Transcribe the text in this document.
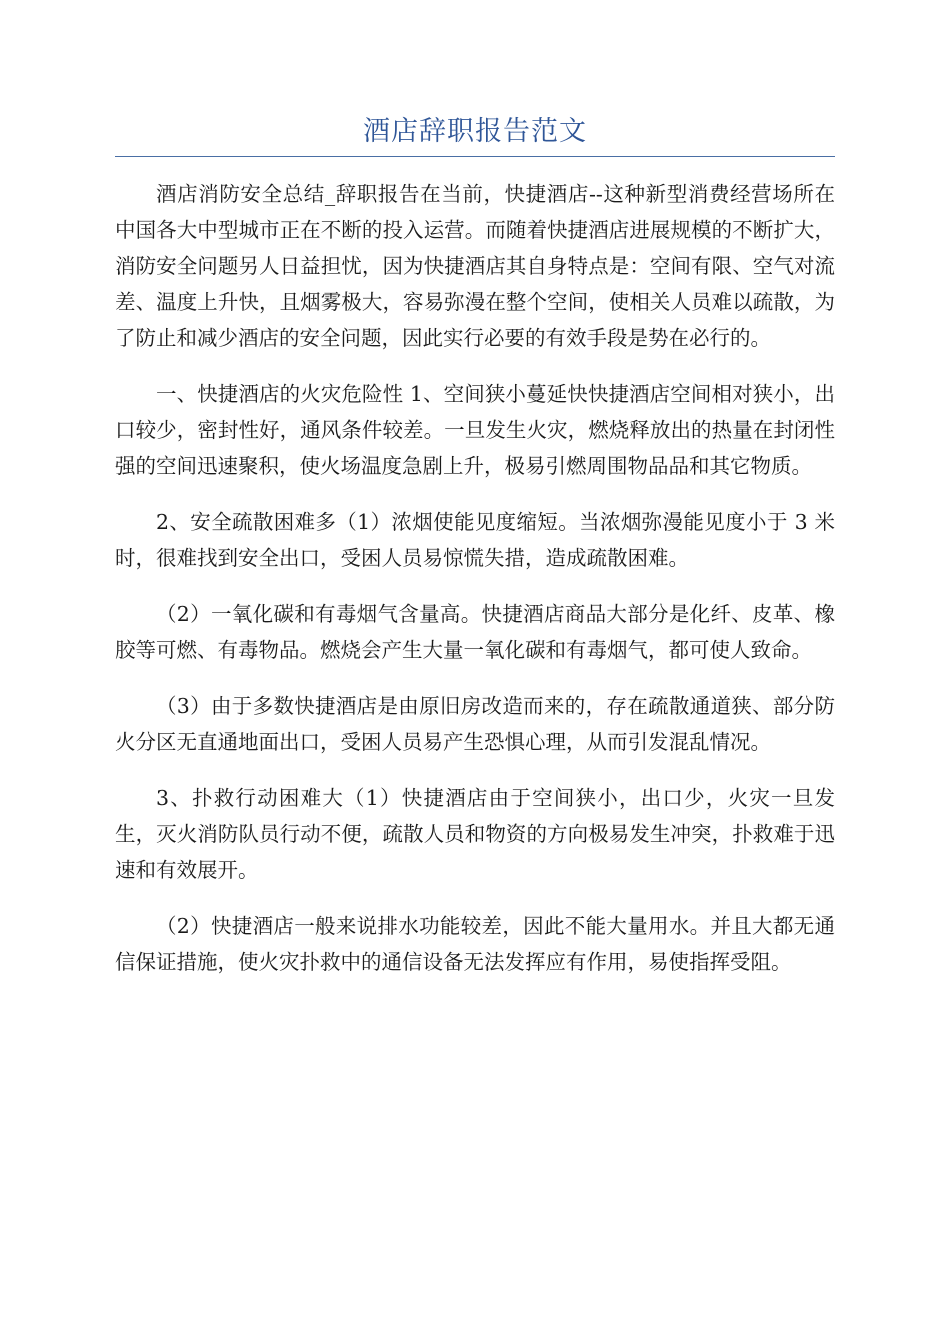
酒店辞职报告范文

酒店消防安全总结_辞职报告在当前，快捷酒店--这种新型消费经营场所在中国各大中型城市正在不断的投入运营。而随着快捷酒店进展规模的不断扩大，消防安全问题另人日益担忧，因为快捷酒店其自身特点是：空间有限、空气对流差、温度上升快，且烟雾极大，容易弥漫在整个空间，使相关人员难以疏散，为了防止和减少酒店的安全问题，因此实行必要的有效手段是势在必行的。

一、快捷酒店的火灾危险性 1、空间狭小蔓延快快捷酒店空间相对狭小，出口较少，密封性好，通风条件较差。一旦发生火灾，燃烧释放出的热量在封闭性强的空间迅速聚积，使火场温度急剧上升，极易引燃周围物品品和其它物质。

2、安全疏散困难多（1）浓烟使能见度缩短。当浓烟弥漫能见度小于 3 米时，很难找到安全出口，受困人员易惊慌失措，造成疏散困难。

（2）一氧化碳和有毒烟气含量高。快捷酒店商品大部分是化纤、皮革、橡胶等可燃、有毒物品。燃烧会产生大量一氧化碳和有毒烟气，都可使人致命。

（3）由于多数快捷酒店是由原旧房改造而来的，存在疏散通道狭、部分防火分区无直通地面出口，受困人员易产生恐惧心理，从而引发混乱情况。

3、扑救行动困难大（1）快捷酒店由于空间狭小，出口少，火灾一旦发生，灭火消防队员行动不便，疏散人员和物资的方向极易发生冲突，扑救难于迅速和有效展开。

（2）快捷酒店一般来说排水功能较差，因此不能大量用水。并且大都无通信保证措施，使火灾扑救中的通信设备无法发挥应有作用，易使指挥受阻。
